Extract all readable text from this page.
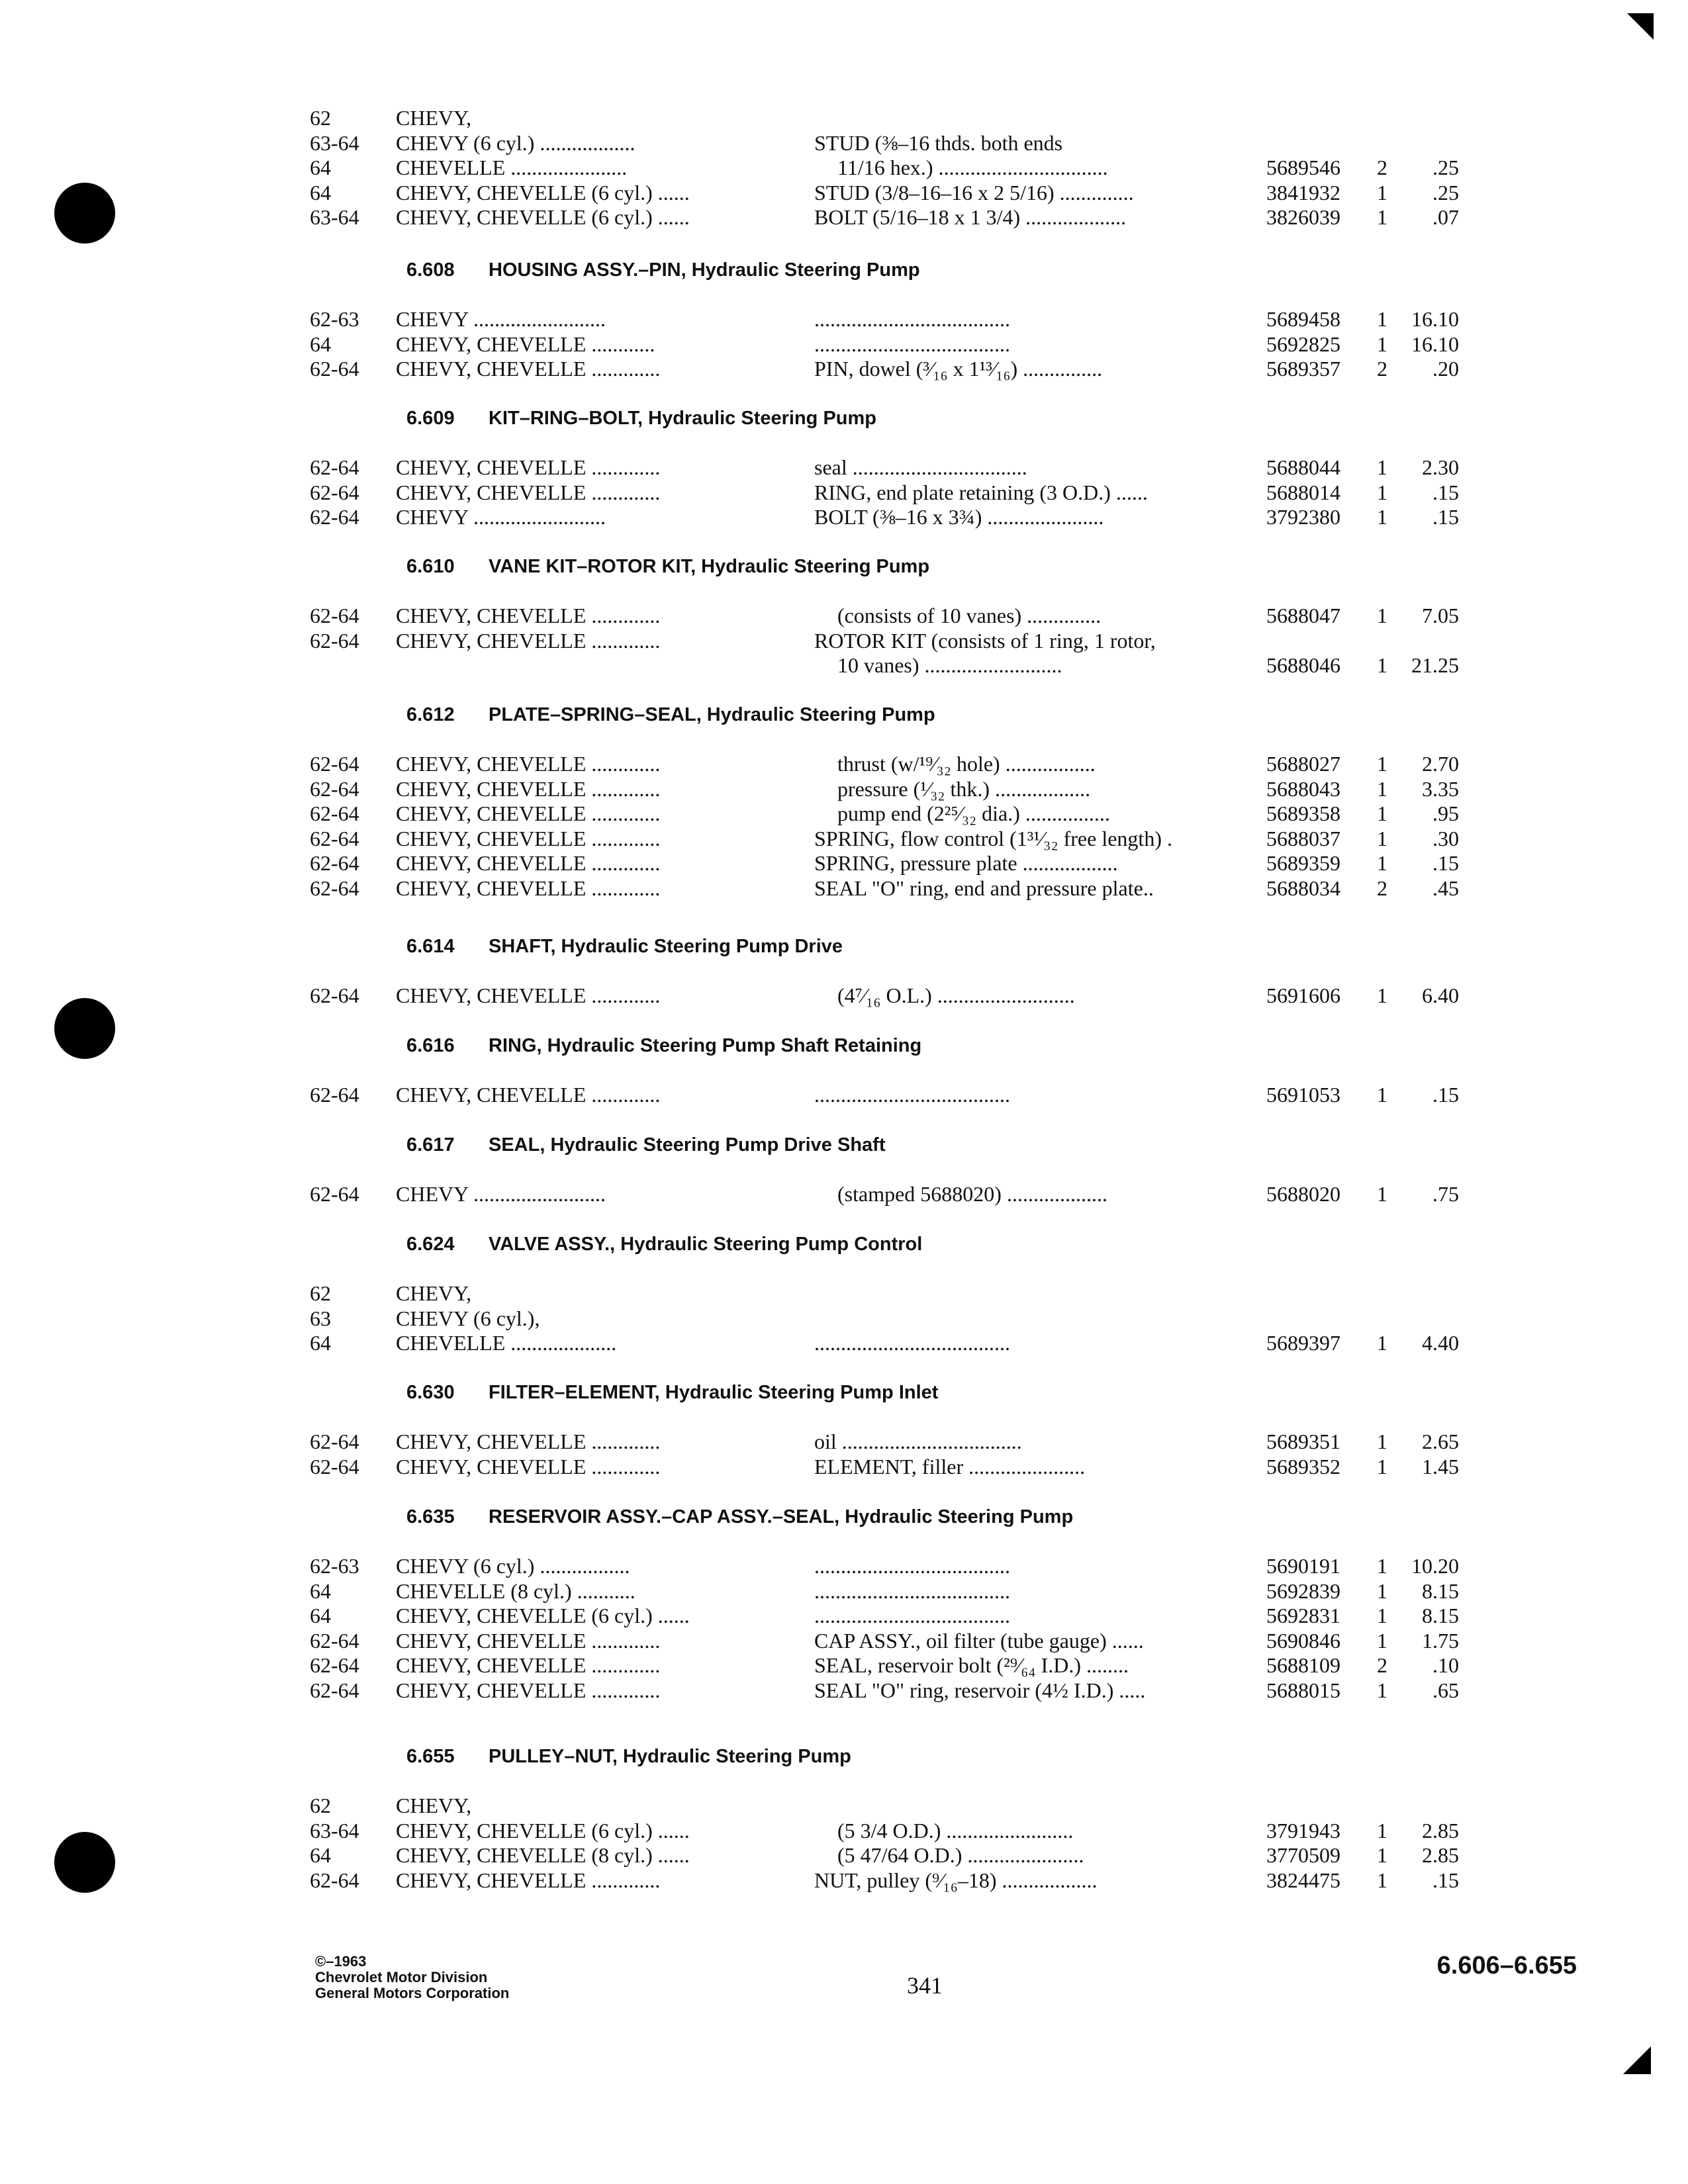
62	CHEVY,
63-64 CHEVY (6 cyl.) ..................	STUD (⅜–16 thds. both ends
64	CHEVELLE ......................	11/16 hex.) ................................	5689546 2 .25
64	CHEVY, CHEVELLE (6 cyl.) ......	STUD (3/8–16–16 x 2 5/16) ..............	3841932 1 .25
63-64 CHEVY, CHEVELLE (6 cyl.) ......	BOLT (5/16–18 x 1 3/4) ...................	3826039 1 .07
6.608 HOUSING ASSY.–PIN, Hydraulic Steering Pump
62-63 CHEVY .........................	.....................................	5689458 1 16.10
64	CHEVY, CHEVELLE ............	.....................................	5692825 1 16.10
62-64 CHEVY, CHEVELLE .............	PIN, dowel (³⁄₁₆ x 1¹³⁄₁₆) ...............	5689357 2 .20
6.609 KIT–RING–BOLT, Hydraulic Steering Pump
62-64 CHEVY, CHEVELLE .............	seal .................................	5688044 1 2.30
62-64 CHEVY, CHEVELLE .............	RING, end plate retaining (3 O.D.) ......	5688014 1 .15
62-64 CHEVY .........................	BOLT (⅜–16 x 3¾) ......................	3792380 1 .15
6.610 VANE KIT–ROTOR KIT, Hydraulic Steering Pump
62-64 CHEVY, CHEVELLE .............	(consists of 10 vanes) ..............	5688047 1 7.05
62-64 CHEVY, CHEVELLE .............	ROTOR KIT (consists of 1 ring, 1 rotor,
10 vanes) ..........................	5688046 1 21.25
6.612 PLATE–SPRING–SEAL, Hydraulic Steering Pump
62-64 CHEVY, CHEVELLE .............	thrust (w/¹⁹⁄₃₂ hole) .................	5688027 1 2.70
62-64 CHEVY, CHEVELLE .............	pressure (¹⁄₃₂ thk.) ..................	5688043 1 3.35
62-64 CHEVY, CHEVELLE .............	pump end (2²⁵⁄₃₂ dia.) ................	5689358 1 .95
62-64 CHEVY, CHEVELLE .............	SPRING, flow control (1³¹⁄₃₂ free length) .	5688037 1 .30
62-64 CHEVY, CHEVELLE .............	SPRING, pressure plate ..................	5689359 1 .15
62-64 CHEVY, CHEVELLE .............	SEAL "O" ring, end and pressure plate..	5688034 2 .45
6.614 SHAFT, Hydraulic Steering Pump Drive
62-64 CHEVY, CHEVELLE .............	(4⁷⁄₁₆ O.L.) ..........................	5691606 1 6.40
6.616 RING, Hydraulic Steering Pump Shaft Retaining
62-64 CHEVY, CHEVELLE .............	.....................................	5691053 1 .15
6.617 SEAL, Hydraulic Steering Pump Drive Shaft
62-64 CHEVY .........................	(stamped 5688020) ...................	5688020 1 .75
6.624 VALVE ASSY., Hydraulic Steering Pump Control
62	CHEVY,
63	CHEVY (6 cyl.),
64	CHEVELLE ....................	.....................................	5689397 1 4.40
6.630 FILTER–ELEMENT, Hydraulic Steering Pump Inlet
62-64 CHEVY, CHEVELLE .............	oil ..................................	5689351 1 2.65
62-64 CHEVY, CHEVELLE .............	ELEMENT, filler ......................	5689352 1 1.45
6.635 RESERVOIR ASSY.–CAP ASSY.–SEAL, Hydraulic Steering Pump
62-63 CHEVY (6 cyl.) .................	.....................................	5690191 1 10.20
64	CHEVELLE (8 cyl.) ...........	.....................................	5692839 1 8.15
64	CHEVY, CHEVELLE (6 cyl.) ......	.....................................	5692831 1 8.15
62-64 CHEVY, CHEVELLE .............	CAP ASSY., oil filter (tube gauge) ......	5690846 1 1.75
62-64 CHEVY, CHEVELLE .............	SEAL, reservoir bolt (²⁹⁄₆₄ I.D.) ........	5688109 2 .10
62-64 CHEVY, CHEVELLE .............	SEAL "O" ring, reservoir (4½ I.D.) .....	5688015 1 .65
6.655 PULLEY–NUT, Hydraulic Steering Pump
62	CHEVY,
63-64 CHEVY, CHEVELLE (6 cyl.) ......	(5 3/4 O.D.) ........................	3791943 1 2.85
64	CHEVY, CHEVELLE (8 cyl.) ......	(5 47/64 O.D.) ......................	3770509 1 2.85
62-64 CHEVY, CHEVELLE .............	NUT, pulley (⁹⁄₁₆–18) ..................	3824475 1 .15
©–1963
Chevrolet Motor Division
General Motors Corporation	341
6.606–6.655
